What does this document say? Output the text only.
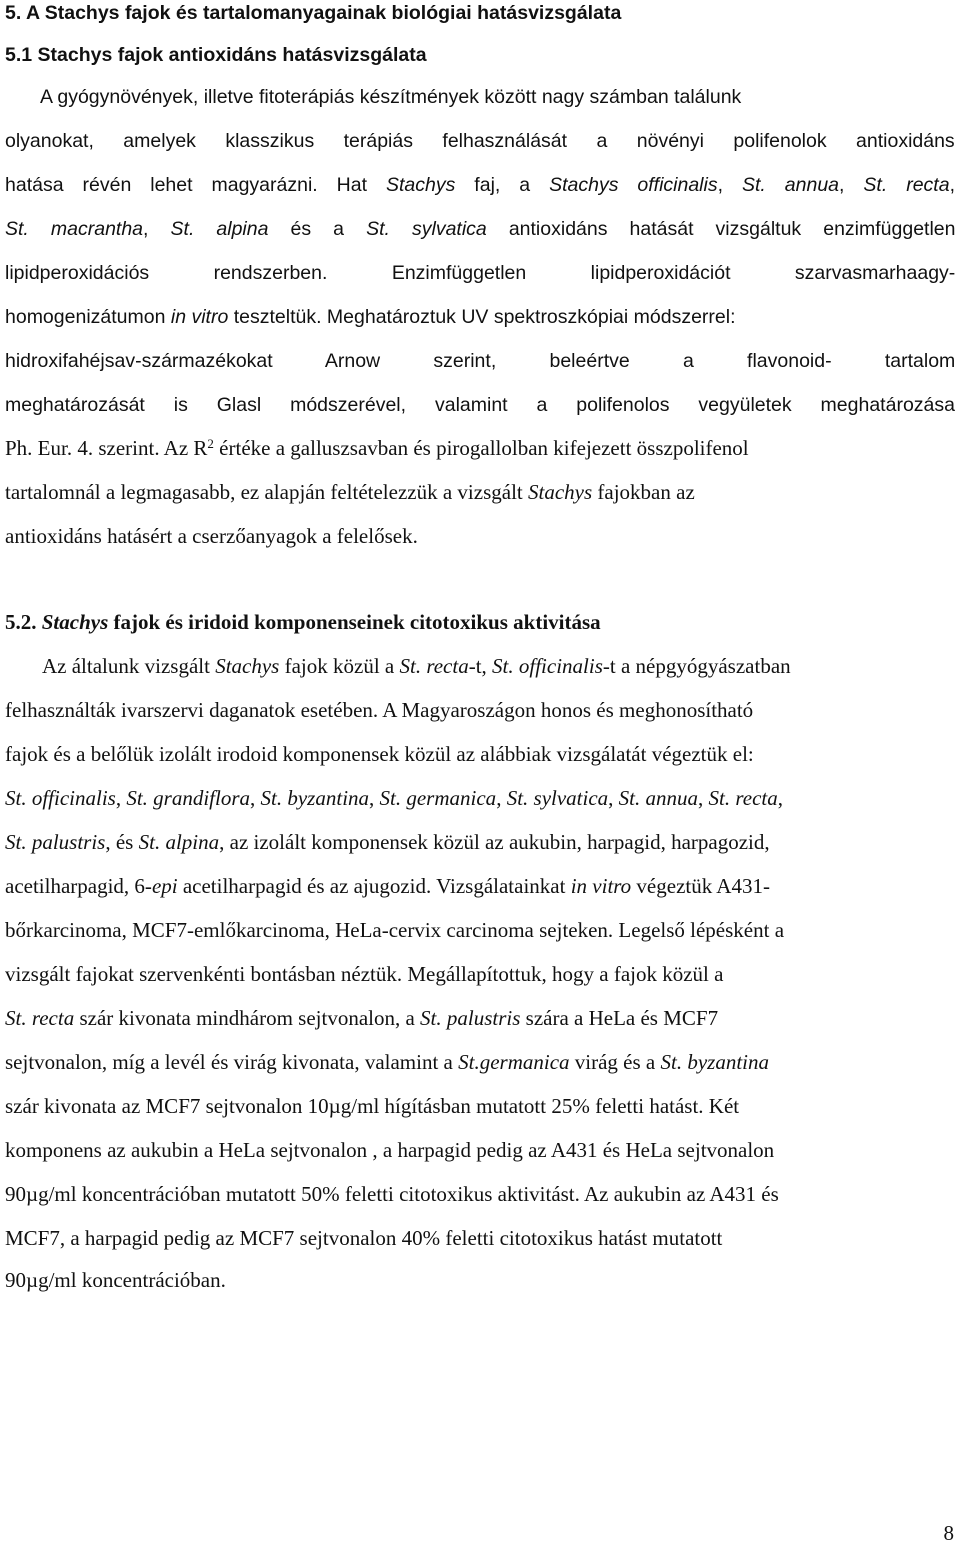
5. A Stachys fajok és tartalomanyagainak biológiai hatásvizsgálata
5.1 Stachys fajok antioxidáns hatásvizsgálata
A gyógynövények, illetve fitoterápiás készítmények között nagy számban találunk
olyanokat, amelyek klasszikus terápiás felhasználását a növényi polifenolok antioxidáns
hatása révén lehet magyarázni. Hat Stachys faj, a Stachys officinalis, St. annua, St. recta,
St. macrantha, St. alpina és a St. sylvatica antioxidáns hatását vizsgáltuk enzimfüggetlen
lipidperoxidációs rendszerben. Enzimfüggetlen lipidperoxidációt szarvasmarhaagy-
homogenizátumon in vitro teszteltük. Meghatároztuk UV spektroszkópiai módszerrel:
hidroxifahéjsav-származékokat Arnow szerint, beleértve a flavonoid- tartalom
meghatározását is Glasl módszerével, valamint a polifenolos vegyületek meghatározása
Ph. Eur. 4. szerint. Az $R^2$ értéke a galluszsavban és pirogallolban kifejezett összpolifenol
tartalomnál a legmagasabb, ez alapján feltételezzük a vizsgált Stachys fajokban az
antioxidáns hatásért a cserzőanyagok a felelősek.
5.2. Stachys fajok és iridoid komponenseinek citotoxikus aktivitása
Az általunk vizsgált Stachys fajok közül a St. recta-t, St. officinalis-t a népgyógyászatban
felhasználták ivarszervi daganatok esetében. A Magyaroszágon honos és meghonosítható
fajok és a belőlük izolált irodoid komponensek közül az alábbiak vizsgálatát végeztük el:
St. officinalis, St. grandiflora, St. byzantina, St. germanica, St. sylvatica, St. annua, St. recta,
St. palustris, és St. alpina, az izolált komponensek közül az aukubin, harpagid, harpagozid,
acetilharpagid, 6-epi acetilharpagid és az ajugozid. Vizsgálatainkat in vitro végeztük A431-
bőrkarcinoma, MCF7-emlőkarcinoma, HeLa-cervix carcinoma sejteken. Legelső lépésként a
vizsgált fajokat szervenkénti bontásban néztük. Megállapítottuk, hogy a fajok közül a
St. recta szár kivonata mindhárom sejtvonalon, a St. palustris szára a HeLa és MCF7
sejtvonalon, míg a levél és virág kivonata, valamint a St.germanica virág és a St. byzantina
szár kivonata az MCF7 sejtvonalon 10µg/ml hígításban mutatott 25% feletti hatást. Két
komponens az aukubin a HeLa sejtvonalon , a harpagid pedig az A431 és HeLa sejtvonalon
90µg/ml koncentrációban mutatott 50% feletti citotoxikus aktivitást. Az aukubin az A431 és
MCF7, a harpagid pedig az MCF7 sejtvonalon 40% feletti citotoxikus hatást mutatott
90µg/ml koncentrációban.
8
